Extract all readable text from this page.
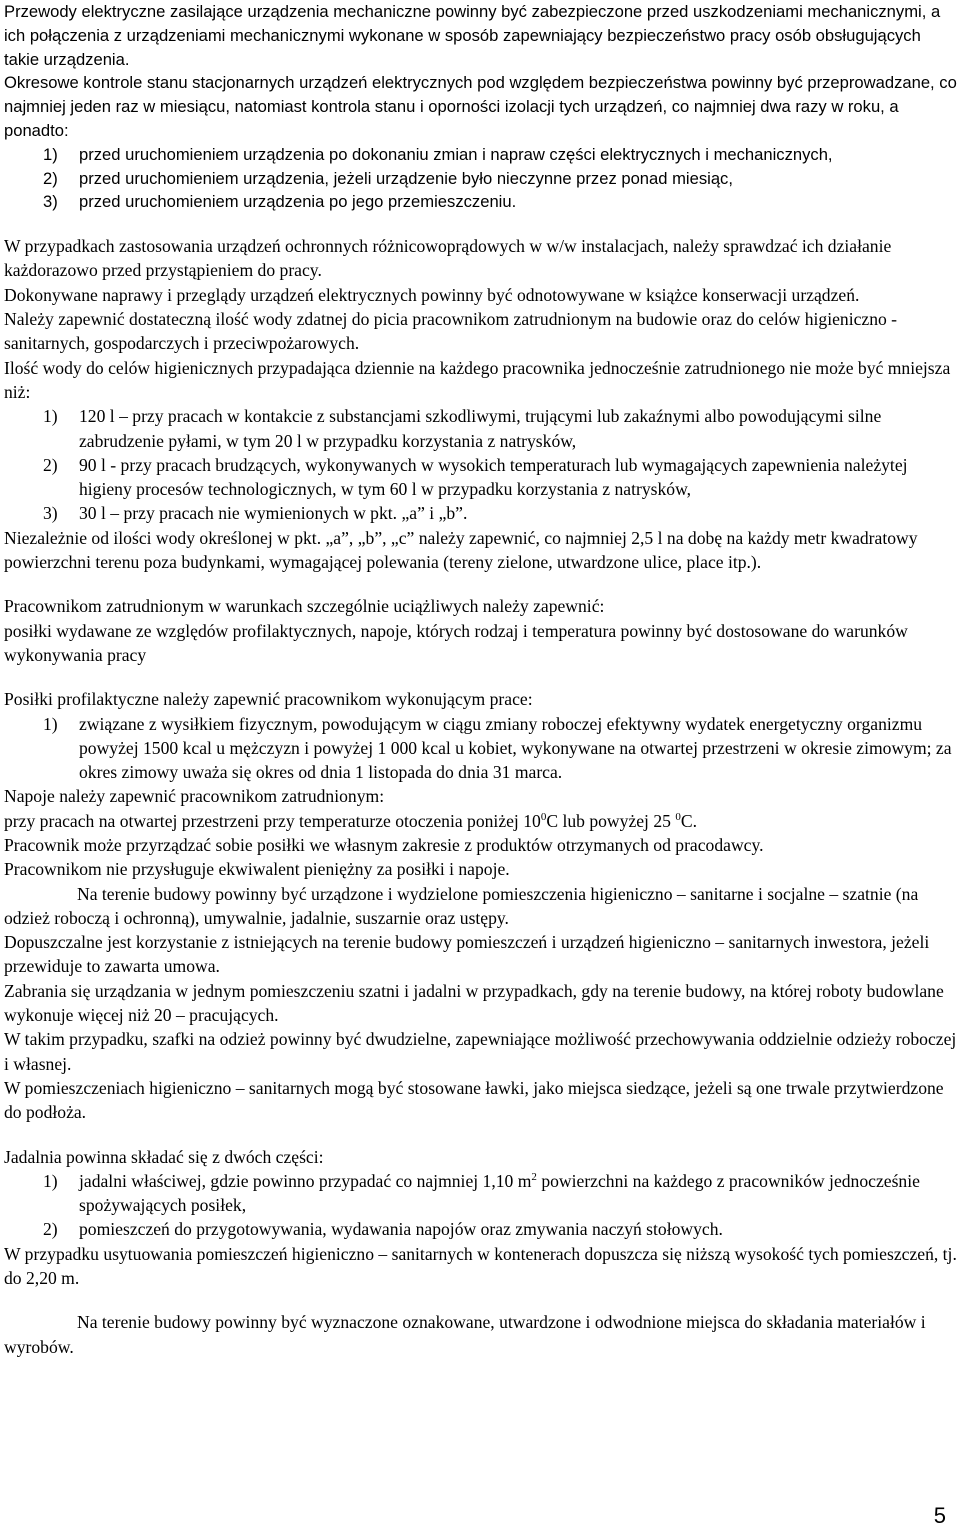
Przewody elektryczne zasilające urządzenia mechaniczne powinny być zabezpieczone przed uszkodzeniami mechanicznymi, a ich połączenia z urządzeniami mechanicznymi wykonane w sposób zapewniający bezpieczeństwo pracy osób obsługujących takie urządzenia.

Okresowe kontrole stanu stacjonarnych urządzeń elektrycznych pod względem bezpieczeństwa powinny być przeprowadzane, co najmniej jeden raz w miesiącu, natomiast kontrola stanu i oporności izolacji tych urządzeń, co najmniej dwa razy w roku, a ponadto:

1)	przed uruchomieniem urządzenia po dokonaniu zmian i napraw części elektrycznych i mechanicznych,
2)	przed uruchomieniem urządzenia, jeżeli urządzenie było nieczynne przez ponad miesiąc,
3)	przed uruchomieniem urządzenia po jego przemieszczeniu.

W przypadkach zastosowania urządzeń ochronnych różnicowoprądowych w w/w instalacjach, należy sprawdzać ich działanie każdorazowo przed przystąpieniem do pracy.

Dokonywane naprawy i przeglądy urządzeń elektrycznych powinny być odnotowywane w książce konserwacji urządzeń.

Należy zapewnić dostateczną ilość wody zdatnej do picia pracownikom zatrudnionym na budowie oraz do celów higieniczno - sanitarnych, gospodarczych i przeciwpożarowych.

Ilość wody do celów higienicznych przypadająca dziennie na każdego pracownika jednocześnie zatrudnionego nie może być mniejsza niż:

1)	120 l – przy pracach w kontakcie z substancjami szkodliwymi, trującymi lub zakaźnymi albo powodującymi silne zabrudzenie pyłami, w tym 20 l w przypadku korzystania z natrysków,
2)	90 l - przy pracach brudzących, wykonywanych w wysokich temperaturach lub wymagających zapewnienia należytej higieny procesów technologicznych, w tym 60 l w przypadku korzystania z natrysków,
3)	30 l – przy pracach nie wymienionych w pkt. „a” i „b”.

Niezależnie od ilości wody określonej w pkt. „a”, „b”, „c” należy zapewnić, co najmniej 2,5 l na dobę na każdy metr kwadratowy powierzchni terenu poza budynkami, wymagającej polewania (tereny zielone, utwardzone ulice, place itp.).

Pracownikom zatrudnionym w warunkach szczególnie uciążliwych należy zapewnić:

posiłki wydawane ze względów profilaktycznych, napoje, których rodzaj i temperatura powinny być dostosowane do warunków wykonywania pracy

Posiłki profilaktyczne należy zapewnić pracownikom wykonującym prace:

1)	związane z wysiłkiem fizycznym, powodującym w ciągu zmiany roboczej efektywny wydatek energetyczny organizmu powyżej 1500 kcal u mężczyzn i powyżej 1 000 kcal u kobiet, wykonywane na otwartej przestrzeni w okresie zimowym; za okres zimowy uważa się okres od dnia 1 listopada do dnia 31 marca.

Napoje należy zapewnić pracownikom zatrudnionym:

przy pracach na otwartej przestrzeni przy temperaturze otoczenia poniżej $10^0C$ lub powyżej 25 $^0$C.

Pracownik może przyrządzać sobie posiłki we własnym zakresie z produktów otrzymanych od pracodawcy.

Pracownikom nie przysługuje ekwiwalent pieniężny za posiłki i napoje.

Na terenie budowy powinny być urządzone i wydzielone pomieszczenia higieniczno – sanitarne i socjalne – szatnie (na odzież roboczą i ochronną), umywalnie, jadalnie, suszarnie oraz ustępy.

Dopuszczalne jest korzystanie z istniejących na terenie budowy pomieszczeń i urządzeń higieniczno – sanitarnych inwestora, jeżeli przewiduje to zawarta umowa.

Zabrania się urządzania w jednym pomieszczeniu szatni i jadalni w przypadkach, gdy na terenie budowy, na której roboty budowlane wykonuje więcej niż 20 – pracujących.

W takim przypadku, szafki na odzież powinny być dwudzielne, zapewniające możliwość przechowywania oddzielnie odzieży roboczej i własnej.

W pomieszczeniach higieniczno – sanitarnych mogą być stosowane ławki, jako miejsca siedzące, jeżeli są one trwale przytwierdzone do podłoża.

Jadalnia powinna składać się z dwóch części:

1)	jadalni właściwej, gdzie powinno przypadać co najmniej 1,10 $m^2$ powierzchni na każdego z pracowników jednocześnie spożywających posiłek,
2)	pomieszczeń do przygotowywania, wydawania napojów oraz zmywania naczyń stołowych.

W przypadku usytuowania pomieszczeń higieniczno – sanitarnych w kontenerach dopuszcza się niższą wysokość tych pomieszczeń, tj. do 2,20 m.

Na terenie budowy powinny być wyznaczone oznakowane, utwardzone i odwodnione miejsca do składania materiałów i wyrobów.

5
